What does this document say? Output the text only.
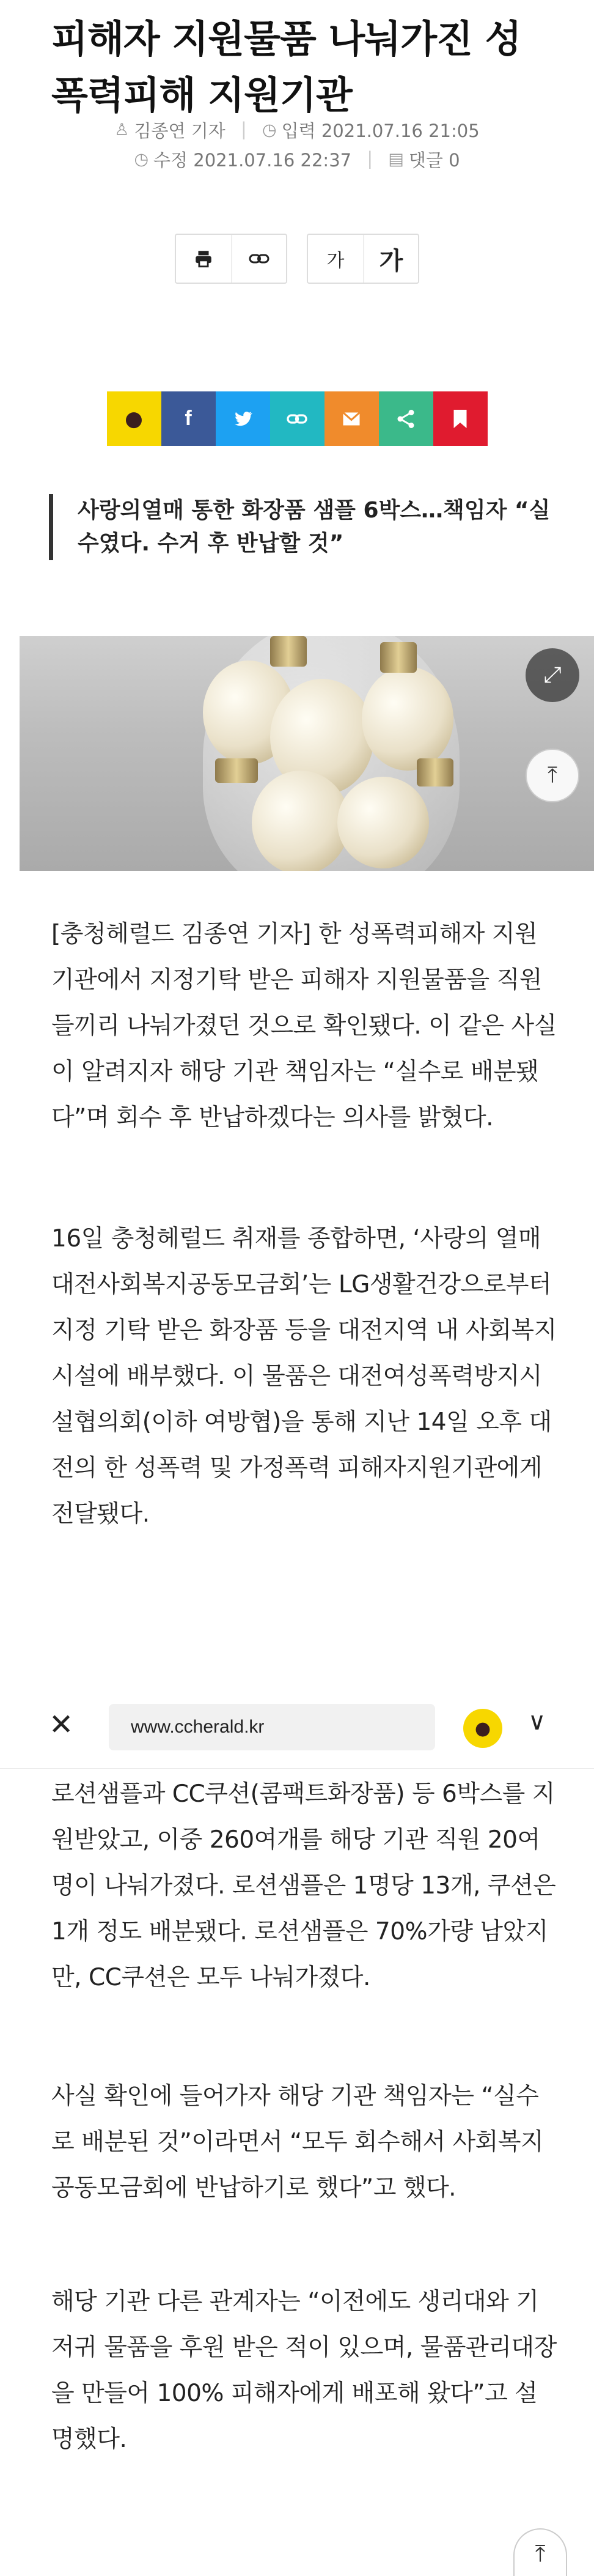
피해자 지원물품 나눠가진 성폭력피해 지원기관
♙ 김종연 기자 | ◷ 입력 2021.07.16 21:05
◷ 수정 2021.07.16 22:37 | ▤ 댓글 0
가	가
● f
사랑의열매 통한 화장품 샘플 6박스…책임자 “실수였다. 수거 후 반납할 것”
⤢
⤒
[충청헤럴드 김종연 기자] 한 성폭력피해자 지원기관에서 지정기탁 받은 피해자 지원물품을 직원들끼리 나눠가졌던 것으로 확인됐다. 이 같은 사실이 알려지자 해당 기관 책임자는 “실수로 배분됐다”며 회수 후 반납하겠다는 의사를 밝혔다.
16일 충청헤럴드 취재를 종합하면, ‘사랑의 열매 대전사회복지공동모금회’는 LG생활건강으로부터 지정 기탁 받은 화장품 등을 대전지역 내 사회복지시설에 배부했다. 이 물품은 대전여성폭력방지시설협의회(이하 여방협)을 통해 지난 14일 오후 대전의 한 성폭력 및 가정폭력 피해자지원기관에게 전달됐다.
✕	www.ccherald.kr	● ∨
로션샘플과 CC쿠션(콤팩트화장품) 등 6박스를 지원받았고, 이중 260여개를 해당 기관 직원 20여명이 나눠가졌다. 로션샘플은 1명당 13개, 쿠션은 1개 정도 배분됐다. 로션샘플은 70%가량 남았지만, CC쿠션은 모두 나눠가졌다.
사실 확인에 들어가자 해당 기관 책임자는 “실수로 배분된 것”이라면서 “모두 회수해서 사회복지공동모금회에 반납하기로 했다”고 했다.
해당 기관 다른 관계자는 “이전에도 생리대와 기저귀 물품을 후원 받은 적이 있으며, 물품관리대장을 만들어 100% 피해자에게 배포해 왔다”고 설명했다.
⤒
